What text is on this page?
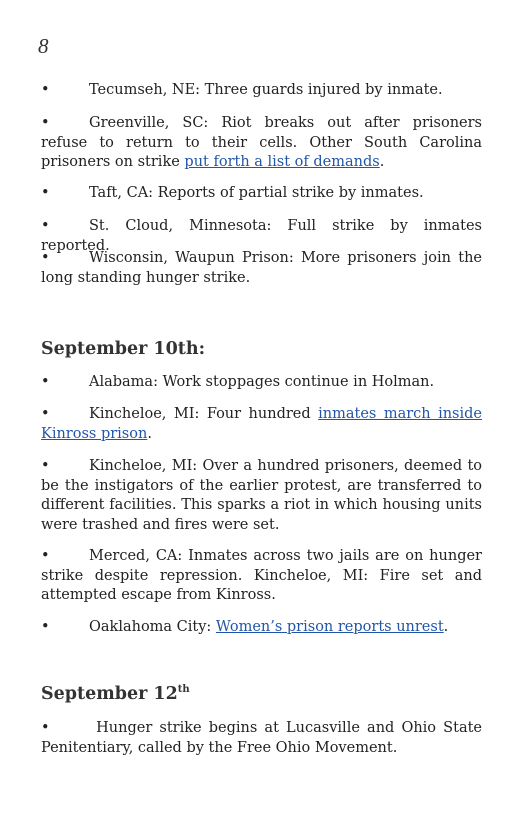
8
•	Tecumseh, NE: Three guards injured by inmate.
•	Greenville, SC: Riot breaks out after prisoners refuse to return to their cells. Other South Carolina prisoners on strike put forth a list of demands.
•	Taft, CA: Reports of partial strike by inmates.
•	St. Cloud, Minnesota: Full strike by inmates reported.
•	Wisconsin, Waupun Prison: More prisoners join the long standing hunger strike.
September 10th:
•	Alabama: Work stoppages continue in Holman.
•	Kincheloe, MI: Four hundred inmates march inside Kinross prison.
•	Kincheloe, MI: Over a hundred prisoners, deemed to be the instigators of the earlier protest, are transferred to different facilities. This sparks a riot in which housing units were trashed and fires were set.
•	Merced, CA: Inmates across two jails are on hunger strike despite repression. Kincheloe, MI: Fire set and attempted escape from Kinross.
•	Oaklahoma City: Women’s prison reports unrest.
September 12th
•	Hunger strike begins at Lucasville and Ohio State Penitentiary, called by the Free Ohio Movement.
